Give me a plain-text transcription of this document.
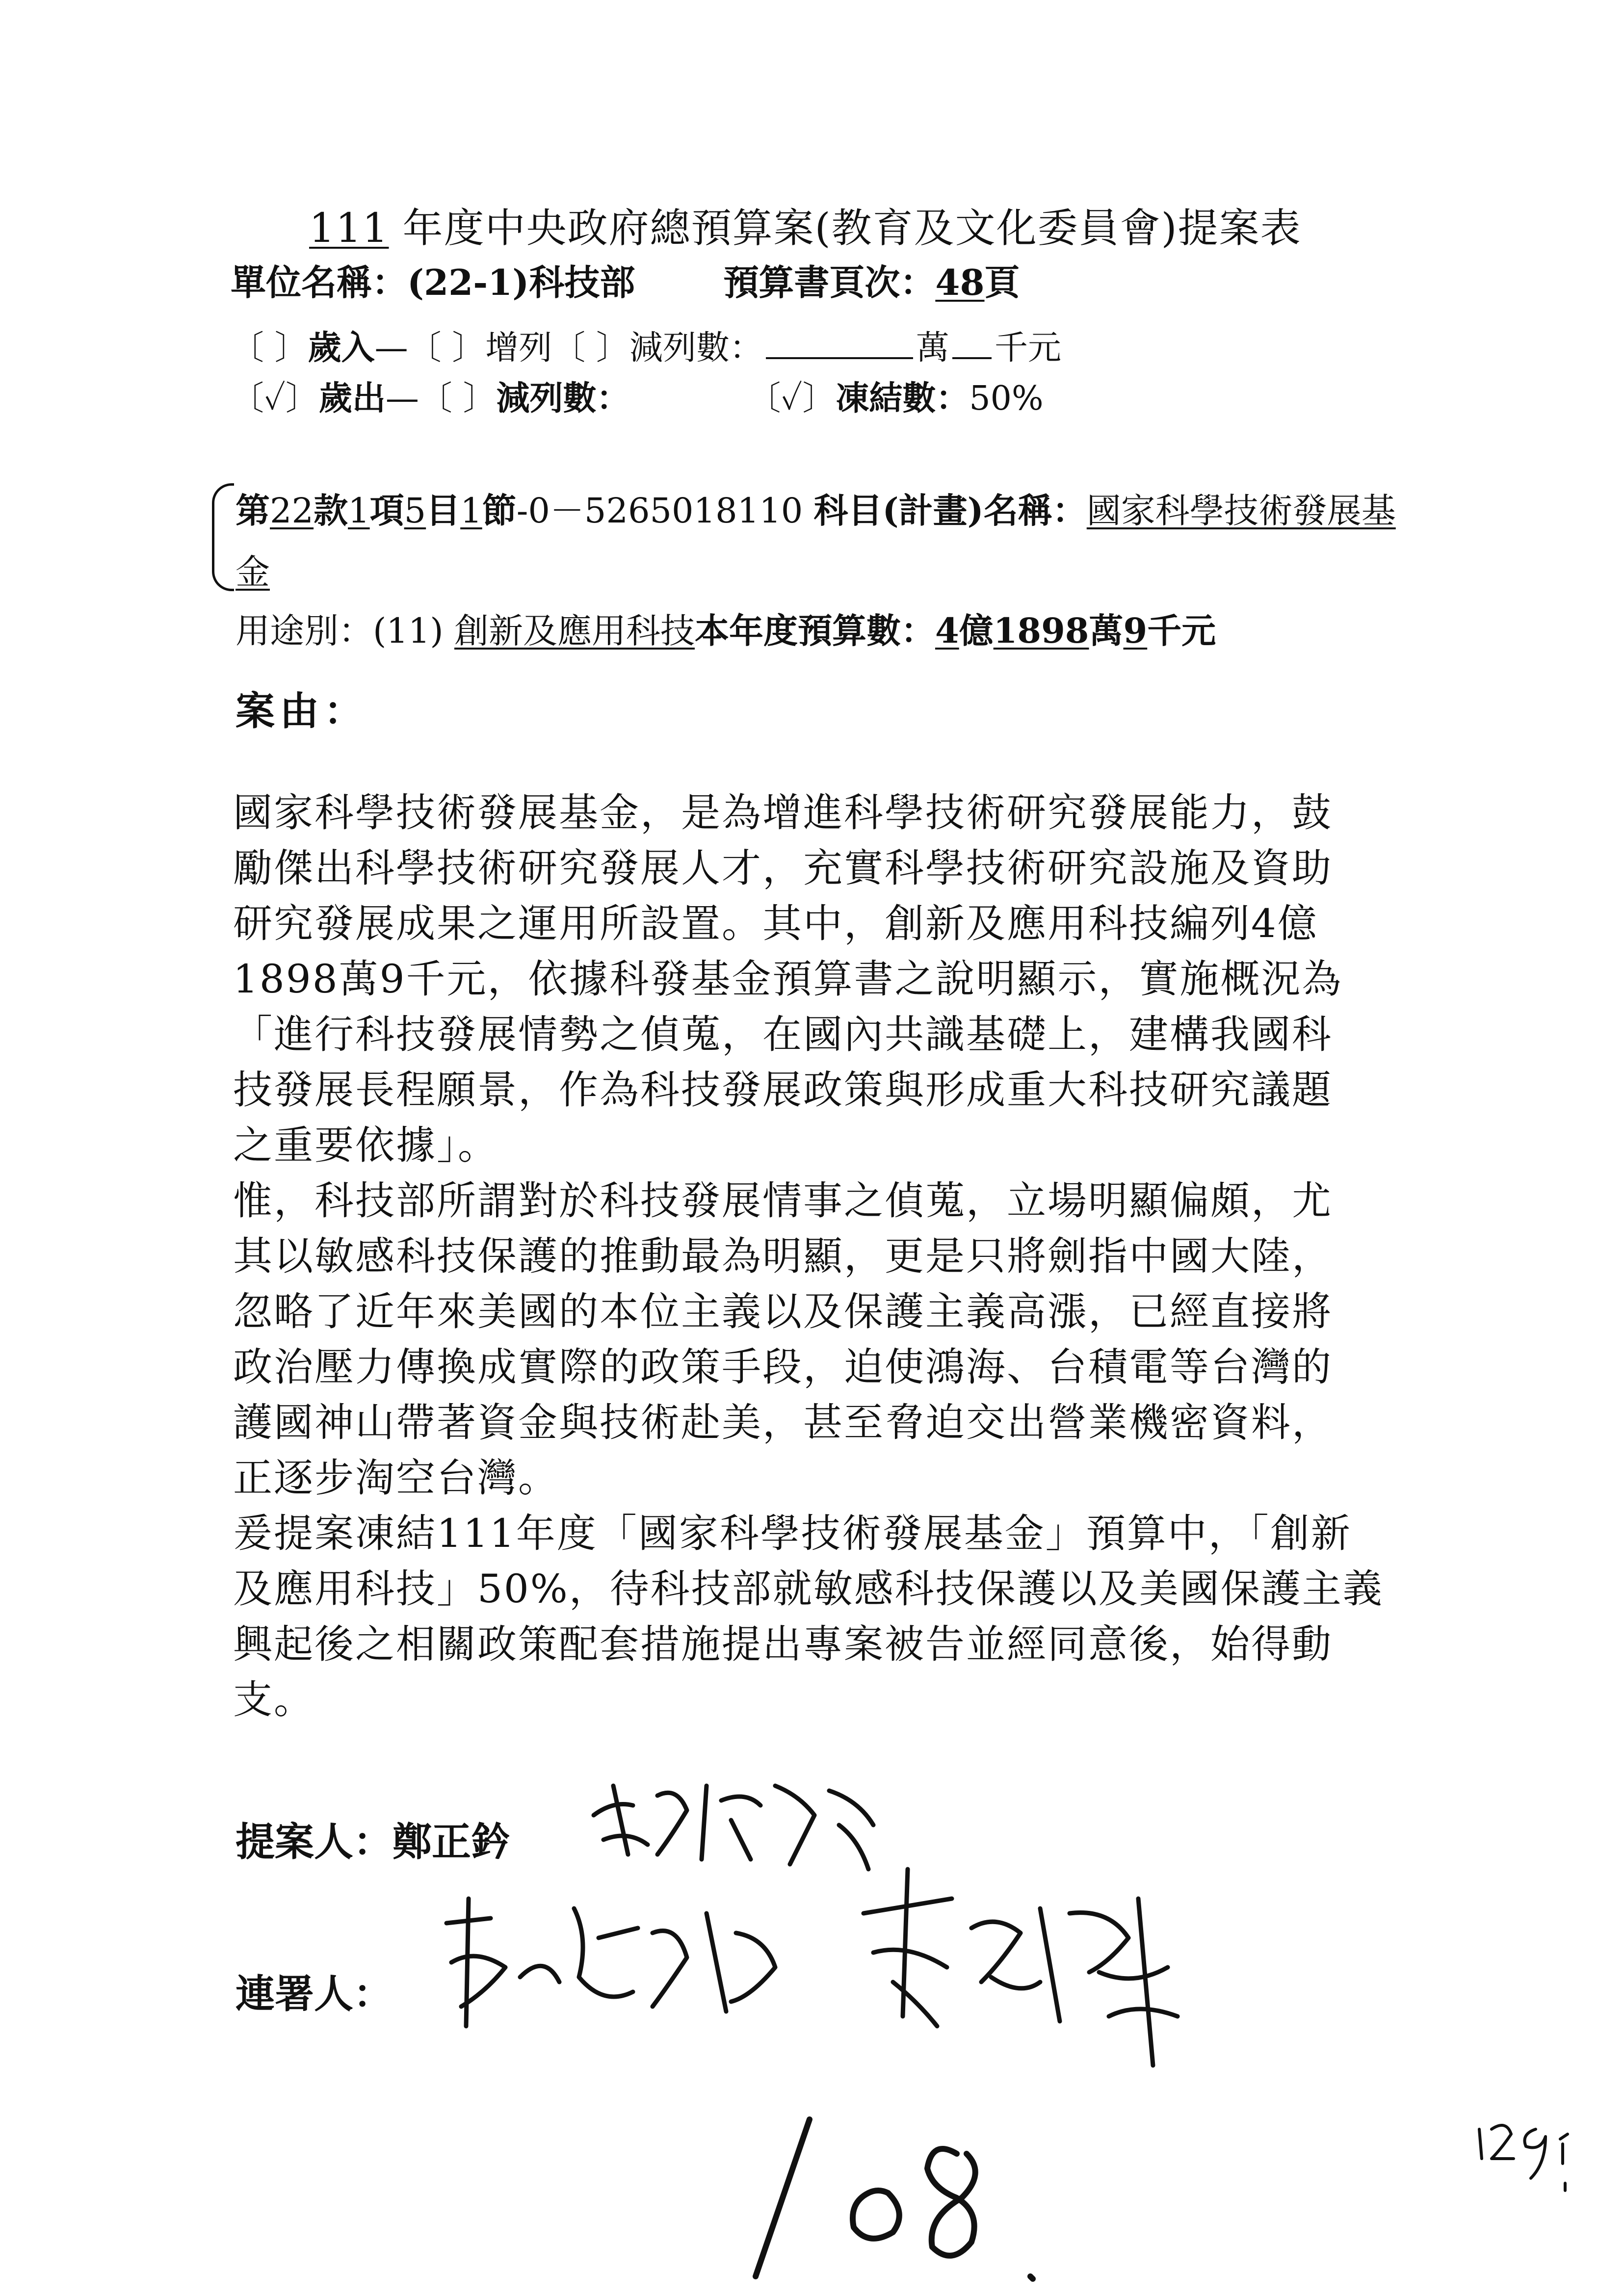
111 年度中央政府總預算案(教育及文化委員會)提案表
單位名稱：(22-1)科技部	預算書頁次：48頁
〔 〕歲入—〔 〕增列〔 〕減列數：	萬 千元
〔✓〕歲出—〔 〕減列數：	〔✓〕凍結數：50%
第22款1項5目1節-0－5265018110 科目(計畫)名稱：國家科學技術發展基
金
用途別：(11) 創新及應用科技本年度預算數：4億1898萬9千元
案由：

國家科學技術發展基金，是為增進科學技術研究發展能力，鼓
勵傑出科學技術研究發展人才，充實科學技術研究設施及資助
研究發展成果之運用所設置。其中，創新及應用科技編列4億
1898萬9千元，依據科發基金預算書之說明顯示，實施概況為
「進行科技發展情勢之偵蒐，在國內共識基礎上，建構我國科
技發展長程願景，作為科技發展政策與形成重大科技研究議題
之重要依據」。

惟，科技部所謂對於科技發展情事之偵蒐，立場明顯偏頗，尤
其以敏感科技保護的推動最為明顯，更是只將劍指中國大陸，
忽略了近年來美國的本位主義以及保護主義高漲，已經直接將
政治壓力傳換成實際的政策手段，迫使鴻海、台積電等台灣的
護國神山帶著資金與技術赴美，甚至脅迫交出營業機密資料，
正逐步淘空台灣。

爰提案凍結111年度「國家科學技術發展基金」預算中，「創新
及應用科技」50%，待科技部就敏感科技保護以及美國保護主義
興起後之相關政策配套措施提出專案被告並經同意後，始得動
支。

提案人：鄭正鈐
連署人：
108.	129
